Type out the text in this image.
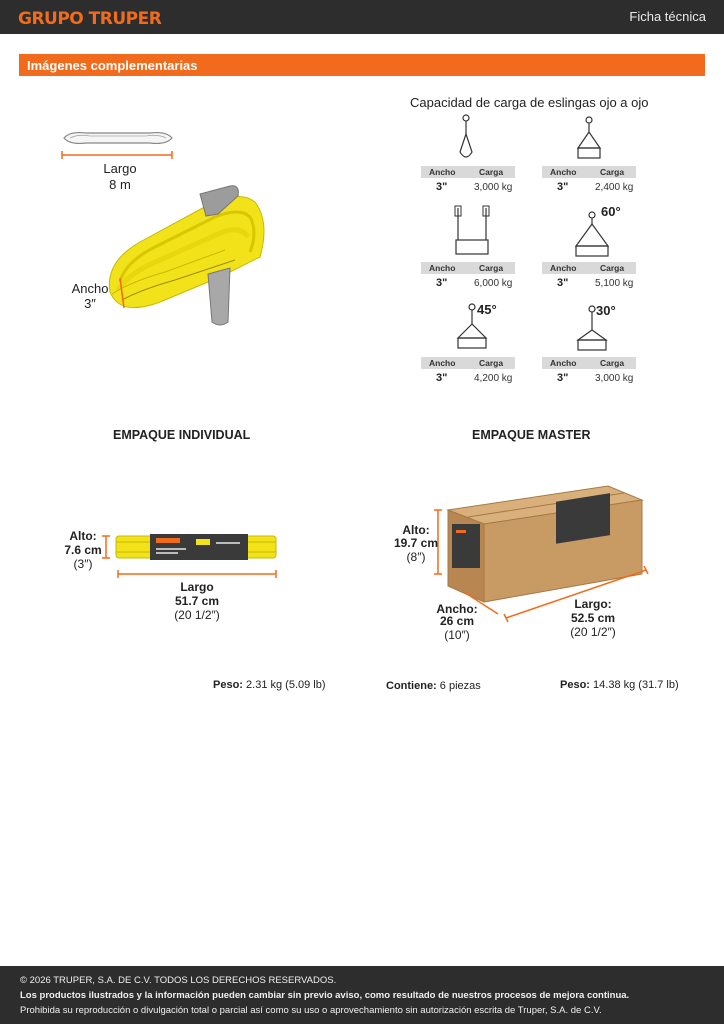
GRUPO TRUPER	Ficha técnica
Imágenes complementarias
Largo
8 m
Ancho
3″
Capacidad de carga de eslingas ojo a ojo
60°
45°	30°
Ancho	Carga
3"	3,000 kg
Ancho	Carga
3"	2,400 kg
Ancho	Carga
3"	6,000 kg
Ancho	Carga
3"	5,100 kg
Ancho	Carga
3"	4,200 kg
Ancho	Carga
3"	3,000 kg
EMPAQUE INDIVIDUAL	EMPAQUE MASTER
Alto:
7.6 cm
(3″)
Largo
51.7 cm
(20 1/2″)
Alto:
19.7 cm
(8″)
Ancho:
26 cm
(10″)
Largo:
52.5 cm
(20 1/2″)
Peso: 2.31 kg (5.09 lb)	Contiene: 6 piezas	Peso: 14.38 kg (31.7 lb)
© 2026 TRUPER, S.A. DE C.V. TODOS LOS DERECHOS RESERVADOS.
Los productos ilustrados y la información pueden cambiar sin previo aviso, como resultado de nuestros procesos de mejora continua.
Prohibida su reproducción o divulgación total o parcial así como su uso o aprovechamiento sin autorización escrita de Truper, S.A. de C.V.
